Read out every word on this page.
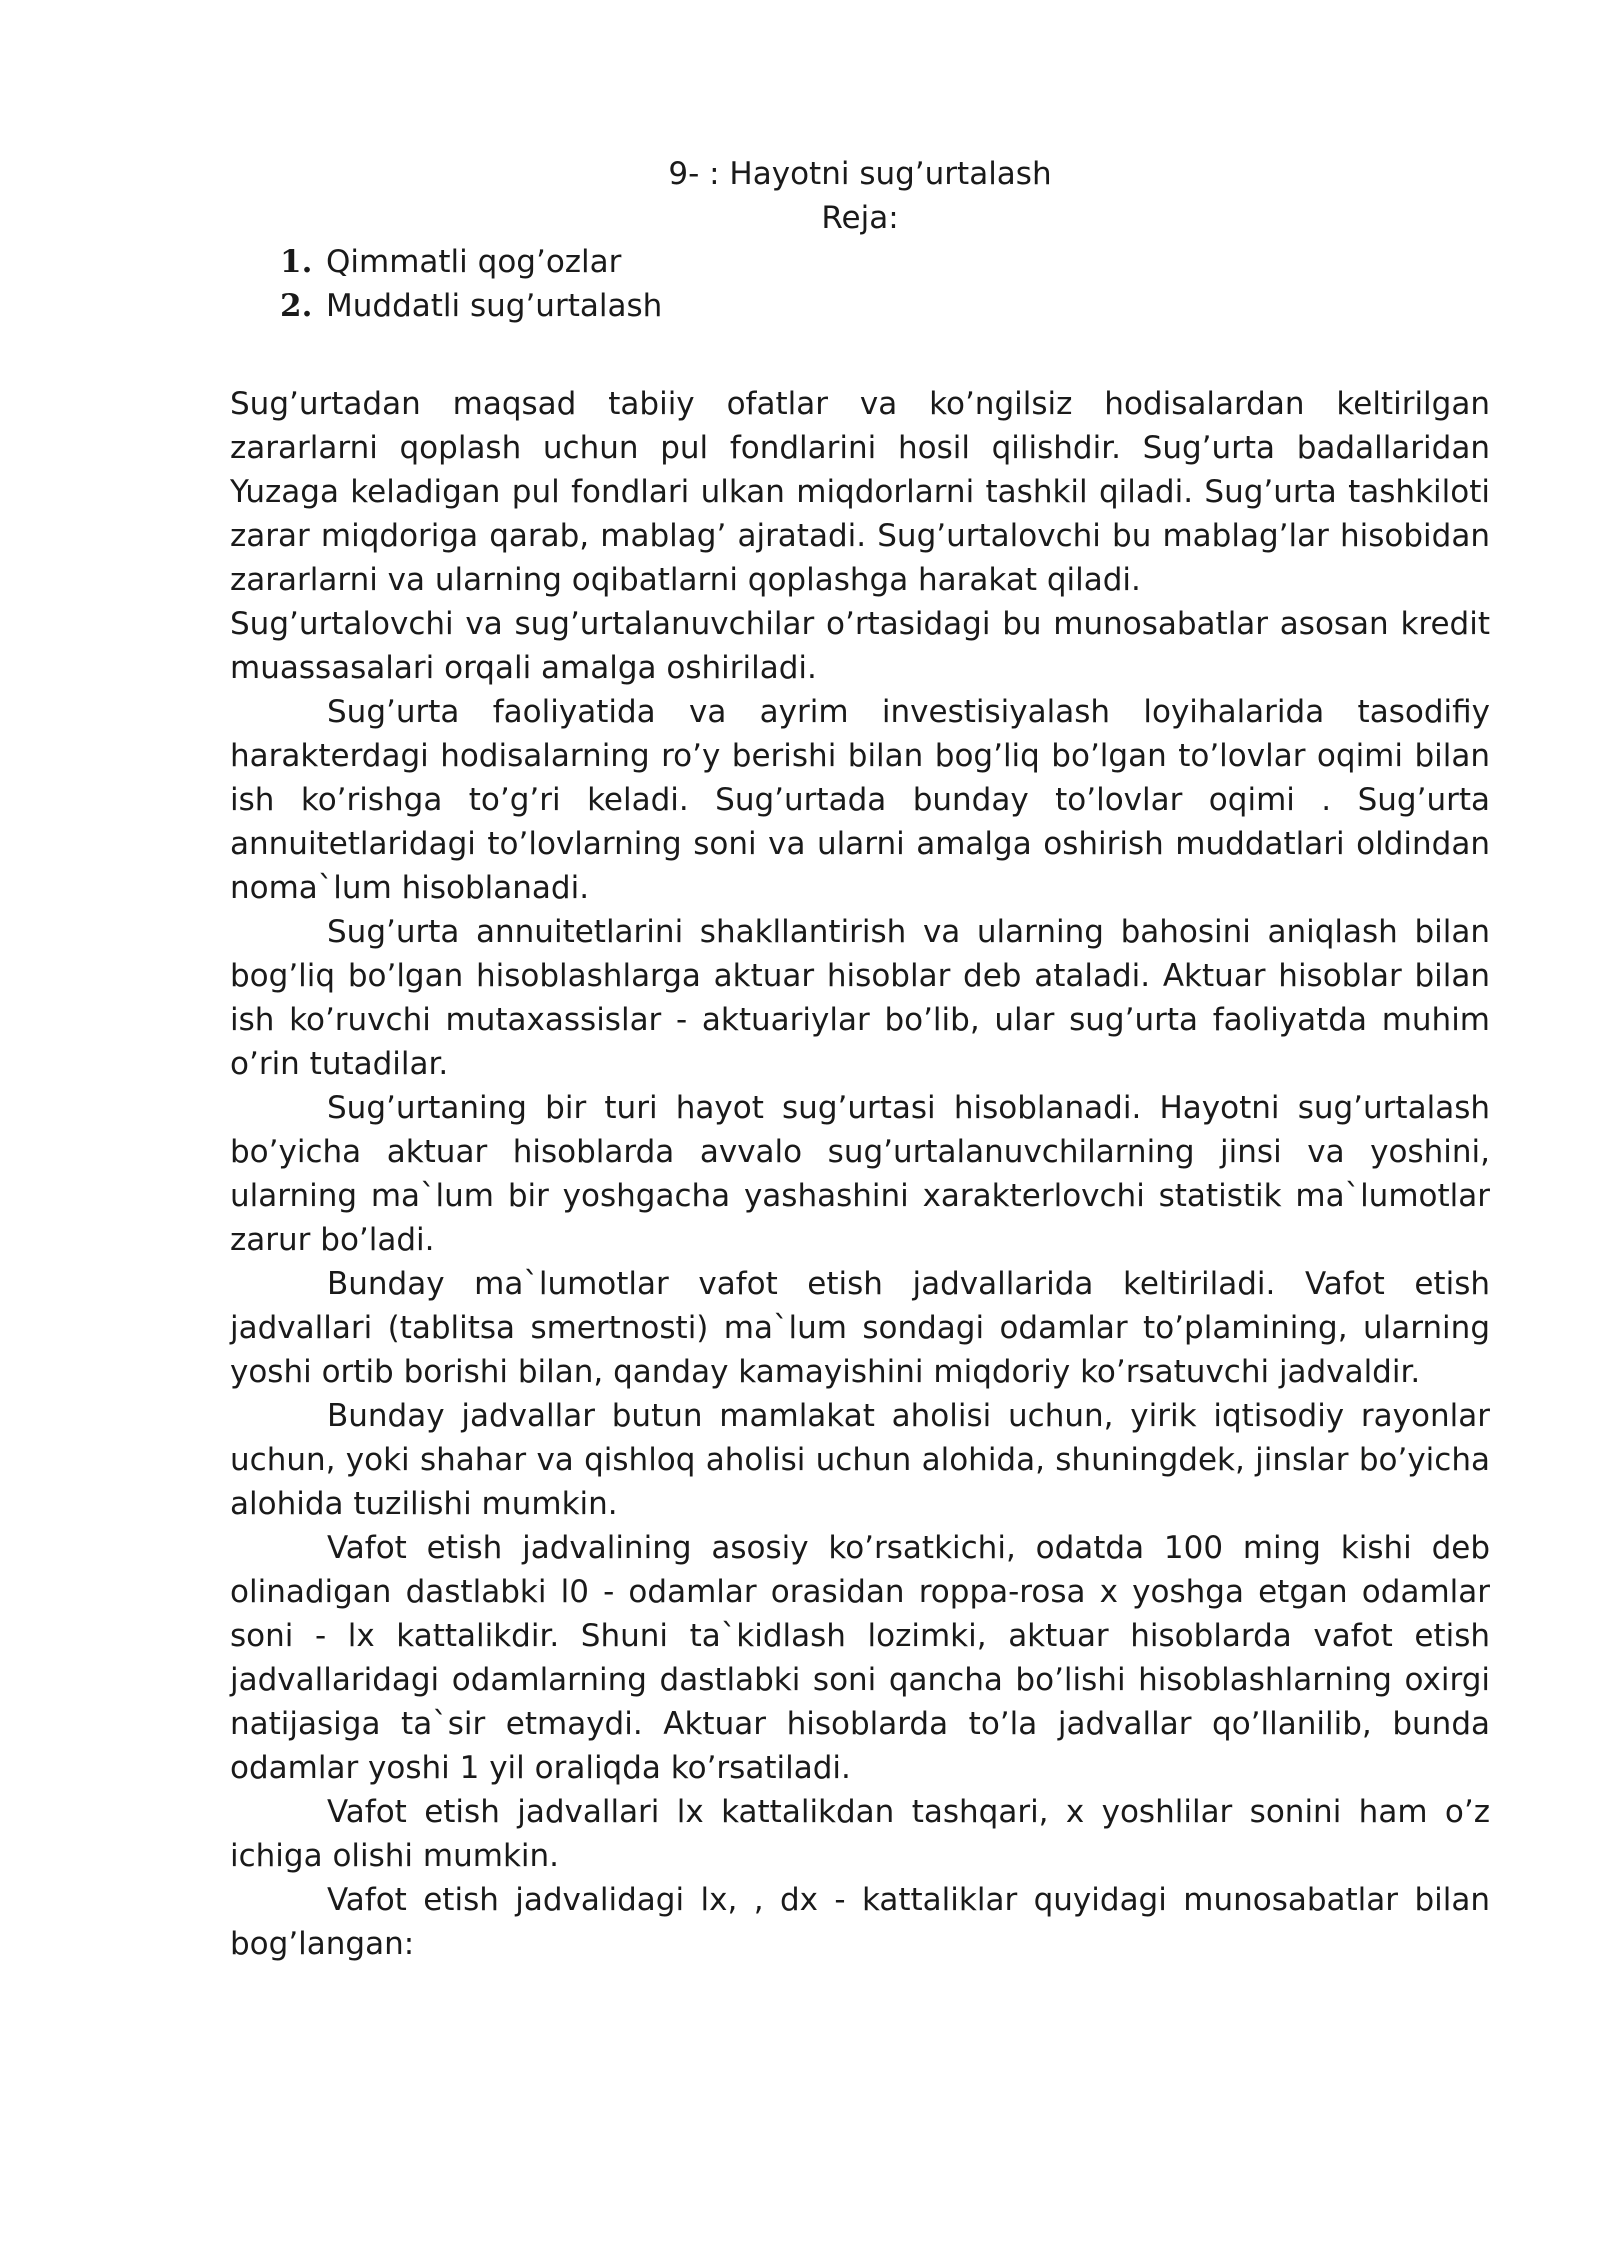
9- : Hayotni sug’urtalash
Reja:
1. Qimmatli qog’ozlar
2. Muddatli sug’urtalash

Sug’urtadan maqsad tabiiy ofatlar va ko’ngilsiz hodisalardan keltirilgan zararlarni qoplash uchun pul fondlarini hosil qilishdir. Sug’urta badallaridan Yuzaga keladigan pul fondlari ulkan miqdorlarni tashkil qiladi. Sug’urta tashkiloti zarar miqdoriga qarab, mablag’ ajratadi. Sug’urtalovchi bu mablag’lar hisobidan zararlarni va ularning oqibatlarni qoplashga harakat qiladi.

Sug’urtalovchi va sug’urtalanuvchilar o’rtasidagi bu munosabatlar asosan kredit muassasalari orqali amalga oshiriladi.

Sug’urta faoliyatida va ayrim investisiyalash loyihalarida tasodifiy harakterdagi hodisalarning ro’y berishi bilan bog’liq bo’lgan to’lovlar oqimi bilan ish ko’rishga to’g’ri keladi. Sug’urtada bunday to’lovlar oqimi . Sug’urta annuitetlaridagi to’lovlarning soni va ularni amalga oshirish muddatlari oldindan noma`lum hisoblanadi.

Sug’urta annuitetlarini shakllantirish va ularning bahosini aniqlash bilan bog’liq bo’lgan hisoblashlarga aktuar hisoblar deb ataladi. Aktuar hisoblar bilan ish ko’ruvchi mutaxassislar - aktuariylar bo’lib, ular sug’urta faoliyatda muhim o’rin tutadilar.

Sug’urtaning bir turi hayot sug’urtasi hisoblanadi. Hayotni sug’urtalash bo’yicha aktuar hisoblarda avvalo sug’urtalanuvchilarning jinsi va yoshini, ularning ma`lum bir yoshgacha yashashini xarakterlovchi statistik ma`lumotlar zarur bo’ladi.

Bunday ma`lumotlar vafot etish jadvallarida keltiriladi. Vafot etish jadvallari (tablitsa smertnosti) ma`lum sondagi odamlar to’plamining, ularning yoshi ortib borishi bilan, qanday kamayishini miqdoriy ko’rsatuvchi jadvaldir.

Bunday jadvallar butun mamlakat aholisi uchun, yirik iqtisodiy rayonlar uchun, yoki shahar va qishloq aholisi uchun alohida, shuningdek, jinslar bo’yicha alohida tuzilishi mumkin.

Vafot etish jadvalining asosiy ko’rsatkichi, odatda 100 ming kishi deb olinadigan dastlabki l0 - odamlar orasidan roppa-rosa x yoshga etgan odamlar soni - lx kattalikdir. Shuni ta`kidlash lozimki, aktuar hisoblarda vafot etish jadvallaridagi odamlarning dastlabki soni qancha bo’lishi hisoblashlarning oxirgi natijasiga ta`sir etmaydi. Aktuar hisoblarda to’la jadvallar qo’llanilib, bunda odamlar yoshi 1 yil oraliqda ko’rsatiladi.

Vafot etish jadvallari lx kattalikdan tashqari, x yoshlilar sonini ham o’z ichiga olishi mumkin.

Vafot etish jadvalidagi lx, , dx - kattaliklar quyidagi munosabatlar bilan bog’langan:
